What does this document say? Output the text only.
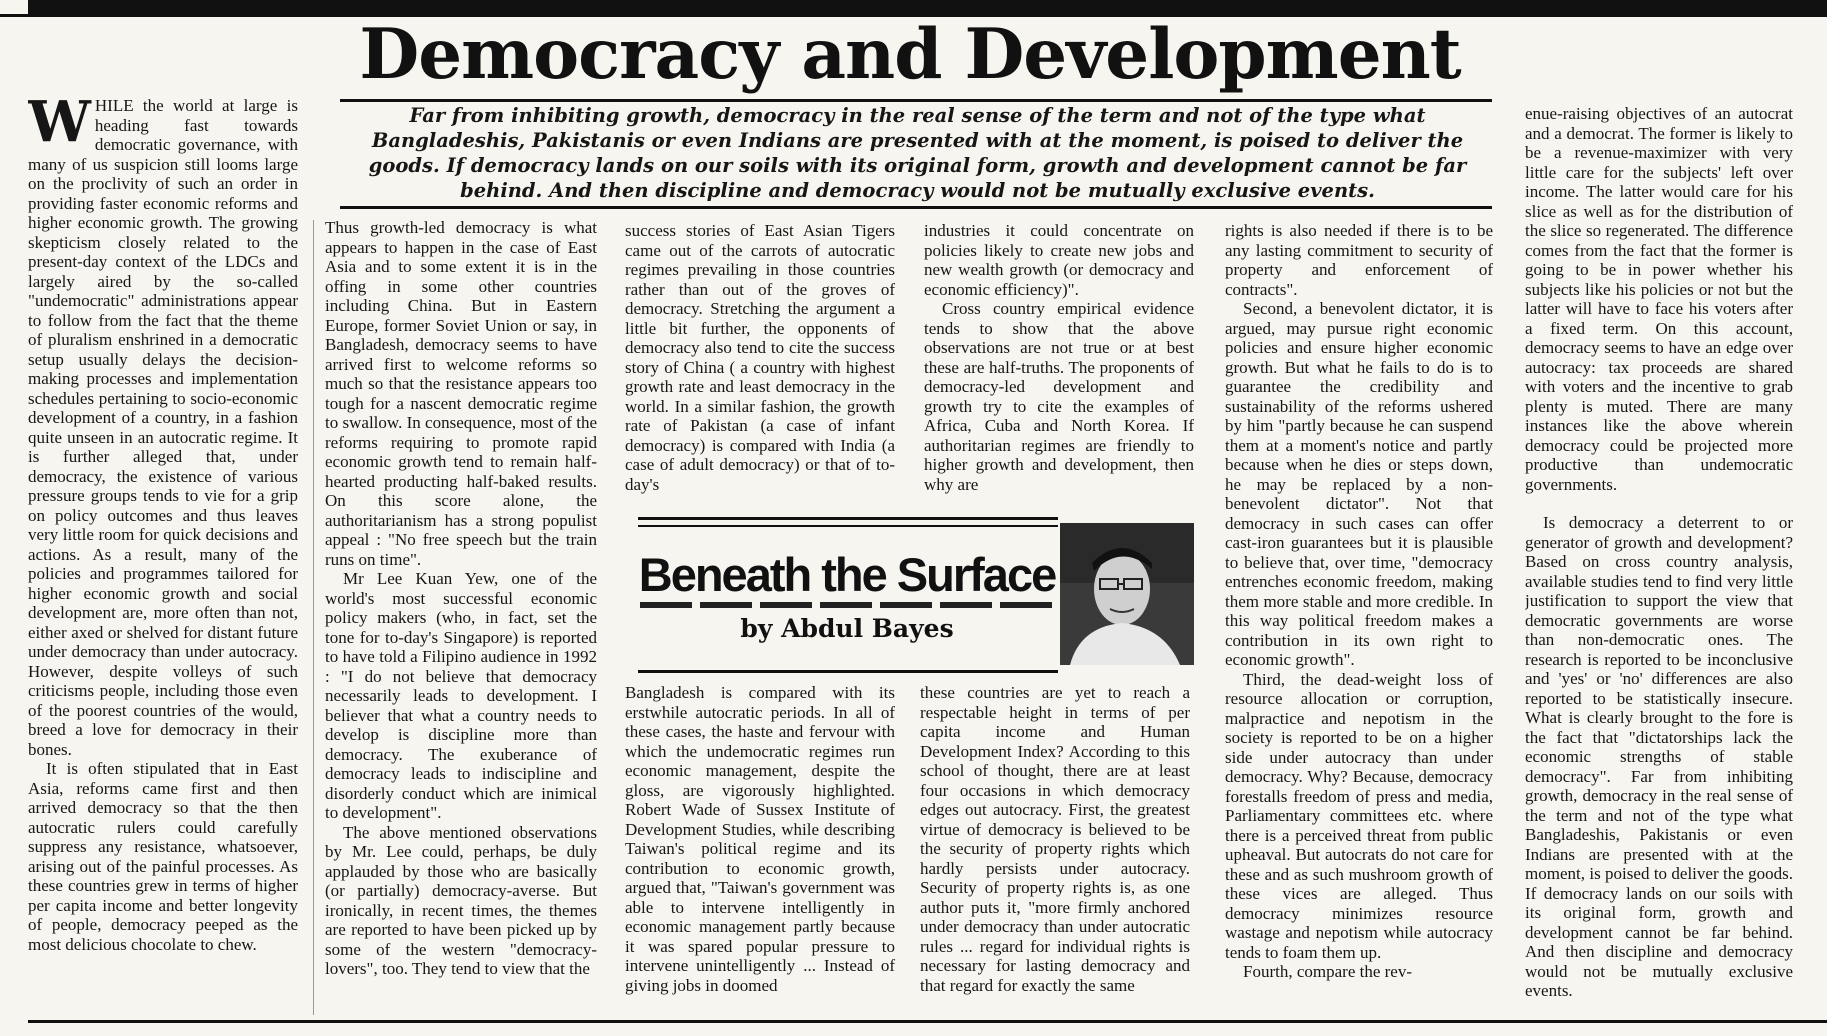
Democracy and Development
Far from inhibiting growth, democracy in the real sense of the term and not of the type what Bangladeshis, Pakistanis or even Indians are presented with at the moment, is poised to deliver the goods. If democracy lands on our soils with its original form, growth and development cannot be far behind. And then discipline and democracy would not be mutually exclusive events.

WHILE the world at large is heading fast towards democratic governance, with many of us suspicion still looms large on the proclivity of such an order in providing faster economic reforms and higher economic growth. The growing skepticism closely related to the present-day context of the LDCs and largely aired by the so-called "undemocratic" administrations appear to follow from the fact that the theme of pluralism enshrined in a democratic setup usually delays the decision-making processes and implementation schedules pertaining to socio-economic development of a country, in a fashion quite unseen in an autocratic regime. It is further alleged that, under democracy, the existence of various pressure groups tends to vie for a grip on policy outcomes and thus leaves very little room for quick decisions and actions. As a result, many of the policies and programmes tailored for higher economic growth and social development are, more often than not, either axed or shelved for distant future under democracy than under autocracy. However, despite volleys of such criticisms people, including those even of the poorest countries of the would, breed a love for democracy in their bones.

It is often stipulated that in East Asia, reforms came first and then arrived democracy so that the then autocratic rulers could carefully suppress any resistance, whatsoever, arising out of the painful processes. As these countries grew in terms of higher per capita income and better longevity of people, democracy peeped as the most delicious chocolate to chew.

Thus growth-led democracy is what appears to happen in the case of East Asia and to some extent it is in the offing in some other countries including China. But in Eastern Europe, former Soviet Union or say, in Bangladesh, democracy seems to have arrived first to welcome reforms so much so that the resistance appears too tough for a nascent democratic regime to swallow. In consequence, most of the reforms requiring to promote rapid economic growth tend to remain half-hearted producting half-baked results. On this score alone, the authoritarianism has a strong populist appeal : "No free speech but the train runs on time".

Mr Lee Kuan Yew, one of the world's most successful economic policy makers (who, in fact, set the tone for to-day's Singapore) is reported to have told a Filipino audience in 1992 : "I do not believe that democracy necessarily leads to development. I believer that what a country needs to develop is discipline more than democracy. The exuberance of democracy leads to indiscipline and disorderly conduct which are inimical to development".

The above mentioned observations by Mr. Lee could, perhaps, be duly applauded by those who are basically (or partially) democracy-averse. But ironically, in recent times, the themes are reported to have been picked up by some of the western "democracy-lovers", too. They tend to view that the

success stories of East Asian Tigers came out of the carrots of autocratic regimes prevailing in those countries rather than out of the groves of democracy. Stretching the argument a little bit further, the opponents of democracy also tend to cite the success story of China ( a country with highest growth rate and least democracy in the world. In a similar fashion, the growth rate of Pakistan (a case of infant democracy) is compared with India (a case of adult democracy) or that of to-day's

industries it could concentrate on policies likely to create new jobs and new wealth growth (or democracy and economic efficiency)".

Cross country empirical evidence tends to show that the above observations are not true or at best these are half-truths. The proponents of democracy-led development and growth try to cite the examples of Africa, Cuba and North Korea. If authoritarian regimes are friendly to higher growth and development, then why are

Beneath the Surface
by Abdul Bayes

Bangladesh is compared with its erstwhile autocratic periods. In all of these cases, the haste and fervour with which the undemocratic regimes run economic management, despite the gloss, are vigorously highlighted. Robert Wade of Sussex Institute of Development Studies, while describing Taiwan's political regime and its contribution to economic growth, argued that, "Taiwan's government was able to intervene intelligently in economic management partly because it was spared popular pressure to intervene unintelligently ... Instead of giving jobs in doomed

these countries are yet to reach a respectable height in terms of per capita income and Human Development Index? According to this school of thought, there are at least four occasions in which democracy edges out autocracy. First, the greatest virtue of democracy is believed to be the security of property rights which hardly persists under autocracy. Security of property rights is, as one author puts it, "more firmly anchored under democracy than under autocratic rules ... regard for individual rights is necessary for lasting democracy and that regard for exactly the same

rights is also needed if there is to be any lasting commitment to security of property and enforcement of contracts".

Second, a benevolent dictator, it is argued, may pursue right economic policies and ensure higher economic growth. But what he fails to do is to guarantee the credibility and sustainability of the reforms ushered by him "partly because he can suspend them at a moment's notice and partly because when he dies or steps down, he may be replaced by a non-benevolent dictator". Not that democracy in such cases can offer cast-iron guarantees but it is plausible to believe that, over time, "democracy entrenches economic freedom, making them more stable and more credible. In this way political freedom makes a contribution in its own right to economic growth".

Third, the dead-weight loss of resource allocation or corruption, malpractice and nepotism in the society is reported to be on a higher side under autocracy than under democracy. Why? Because, democracy forestalls freedom of press and media, Parliamentary committees etc. where there is a perceived threat from public upheaval. But autocrats do not care for these and as such mushroom growth of these vices are alleged. Thus democracy minimizes resource wastage and nepotism while autocracy tends to foam them up.

Fourth, compare the rev-

enue-raising objectives of an autocrat and a democrat. The former is likely to be a revenue-maximizer with very little care for the subjects' left over income. The latter would care for his slice as well as for the distribution of the slice so regenerated. The difference comes from the fact that the former is going to be in power whether his subjects like his policies or not but the latter will have to face his voters after a fixed term. On this account, democracy seems to have an edge over autocracy: tax proceeds are shared with voters and the incentive to grab plenty is muted. There are many instances like the above wherein democracy could be projected more productive than undemocratic governments.

Is democracy a deterrent to or generator of growth and development? Based on cross country analysis, available studies tend to find very little justification to support the view that democratic governments are worse than non-democratic ones. The research is reported to be inconclusive and 'yes' or 'no' differences are also reported to be statistically insecure. What is clearly brought to the fore is the fact that "dictatorships lack the economic strengths of stable democracy". Far from inhibiting growth, democracy in the real sense of the term and not of the type what Bangladeshis, Pakistanis or even Indians are presented with at the moment, is poised to deliver the goods. If democracy lands on our soils with its original form, growth and development cannot be far behind. And then discipline and democracy would not be mutually exclusive events.
